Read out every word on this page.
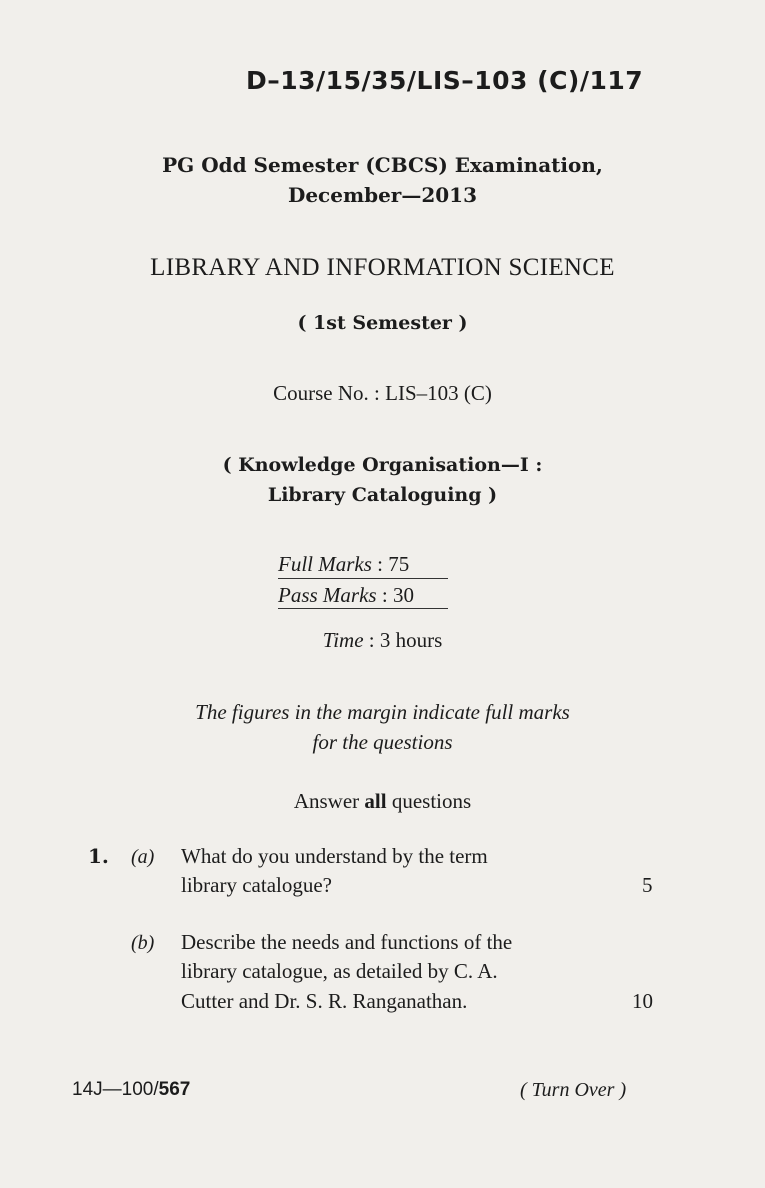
D–13/15/35/LIS–103 (C)/117
PG Odd Semester (CBCS) Examination,
December—2013
LIBRARY AND INFORMATION SCIENCE
( 1st Semester )
Course No. : LIS–103 (C)
( Knowledge Organisation—I :
Library Cataloguing )
Full Marks : 75
Pass Marks : 30
Time : 3 hours
The figures in the margin indicate full marks
for the questions
Answer all questions
1. (a) What do you understand by the term
library catalogue?	5
(b) Describe the needs and functions of the
library catalogue, as detailed by C. A.
Cutter and Dr. S. R. Ranganathan.	10
14J—100/567	( Turn Over )
